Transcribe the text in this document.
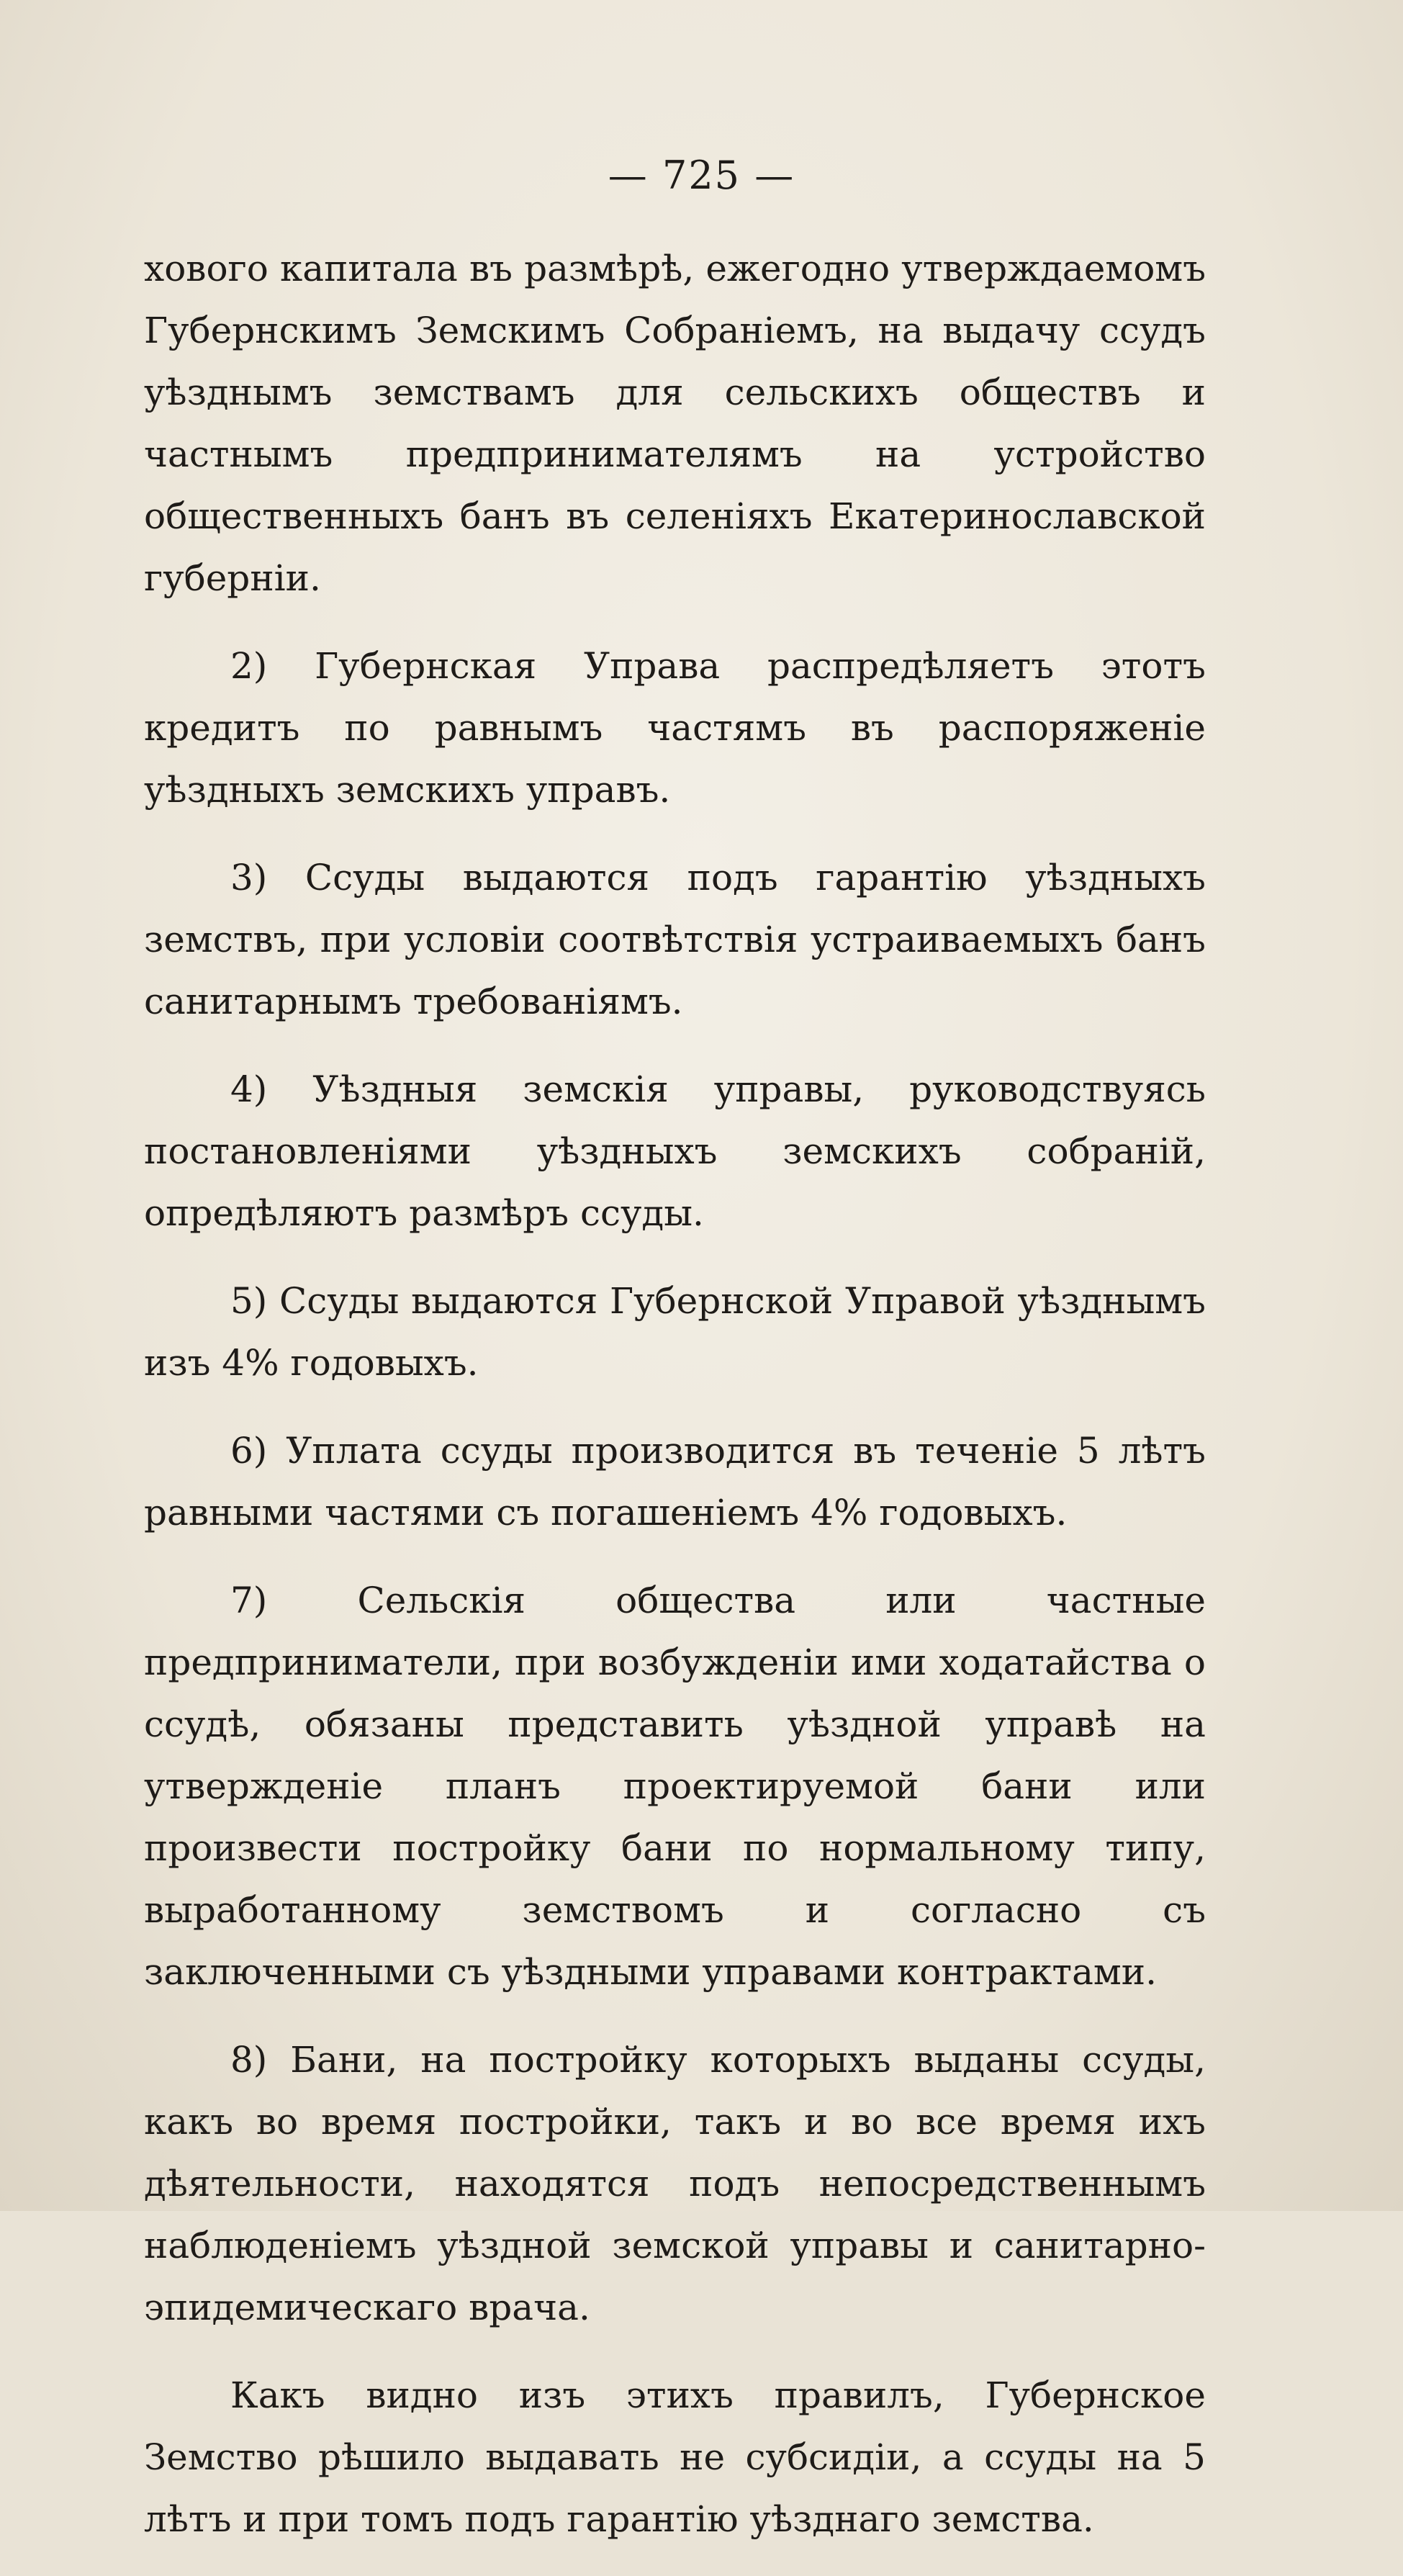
— 725 —

хового капитала въ размѣрѣ, ежегодно утверждаемомъ Губернскимъ Земскимъ Собраніемъ, на выдачу ссудъ уѣзднымъ земствамъ для сельскихъ обществъ и частнымъ предпринимателямъ на устройство общественныхъ банъ въ селеніяхъ Екатеринославской губерніи.

2) Губернская Управа распредѣляетъ этотъ кредитъ по равнымъ частямъ въ распоряженіе уѣздныхъ земскихъ управъ.

3) Ссуды выдаются подъ гарантію уѣздныхъ земствъ, при условіи соотвѣтствія устраиваемыхъ банъ санитарнымъ требованіямъ.

4) Уѣздныя земскія управы, руководствуясь постановленіями уѣздныхъ земскихъ собраній, опредѣляютъ размѣръ ссуды.

5) Ссуды выдаются Губернской Управой уѣзднымъ изъ 4% годовыхъ.

6) Уплата ссуды производится въ теченіе 5 лѣтъ равными частями съ погашеніемъ 4% годовыхъ.

7) Сельскія общества или частные предприниматели, при возбужденіи ими ходатайства о ссудѣ, обязаны представить уѣздной управѣ на утвержденіе планъ проектируемой бани или произвести постройку бани по нормальному типу, выработанному земствомъ и согласно съ заключенными съ уѣздными управами контрактами.

8) Бани, на постройку которыхъ выданы ссуды, какъ во время постройки, такъ и во все время ихъ дѣятельности, находятся подъ непосредственнымъ наблюденіемъ уѣздной земской управы и санитарно-эпидемическаго врача.

Какъ видно изъ этихъ правилъ, Губернское Земство рѣшило выдавать не субсидіи, а ссуды на 5 лѣтъ и при томъ подъ гарантію уѣзднаго земства.
